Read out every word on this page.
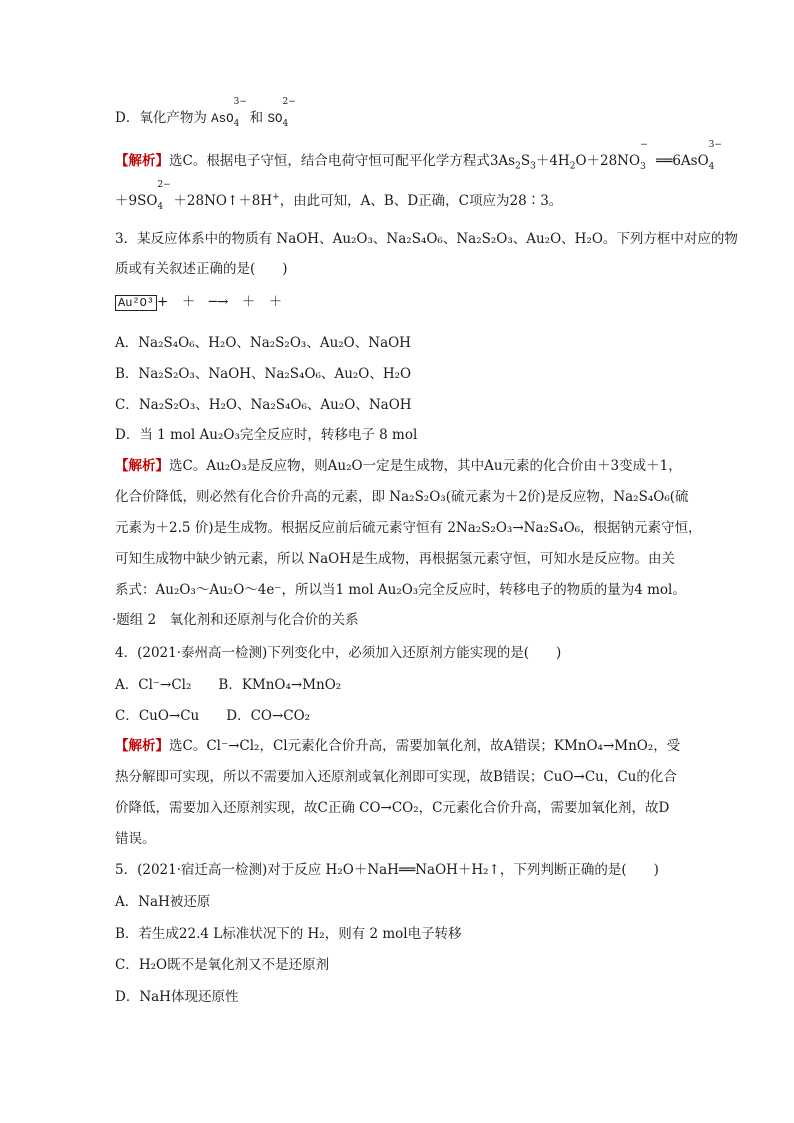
D．氧化产物为 AsO
3−
4 和 SO
2−
4
【解析】选C。根据电子守恒，结合电荷守恒可配平化学方程式$3As_2S_3+4H_2O+28NO$
−
3 ══6AsO
3−
4
＋9SO
2−
4 ＋28NO↑＋8H+，由此可知，A、B、D正确，C项应为28∶3。
3．某反应体系中的物质有 NaOH、Au₂O₃、Na₂S₄O₆、Na₂S₂O₃、Au₂O、H₂O。下列方框中对应的物
质或有关叙述正确的是(　　)
Au²O³ +　＋　─→　＋　＋
A．Na₂S₄O₆、H₂O、Na₂S₂O₃、Au₂O、NaOH
B．Na₂S₂O₃、NaOH、Na₂S₄O₆、Au₂O、H₂O
C．Na₂S₂O₃、H₂O、Na₂S₄O₆、Au₂O、NaOH
D．当 1 mol Au₂O₃完全反应时，转移电子 8 mol
【解析】选C。Au₂O₃是反应物，则Au₂O一定是生成物，其中Au元素的化合价由＋3变成＋1，
化合价降低，则必然有化合价升高的元素，即 Na₂S₂O₃(硫元素为＋2价)是反应物，Na₂S₄O₆(硫
元素为＋2.5 价)是生成物。根据反应前后硫元素守恒有 2Na₂S₂O₃→Na₂S₄O₆，根据钠元素守恒，
可知生成物中缺少钠元素，所以 NaOH是生成物，再根据氢元素守恒，可知水是反应物。由关
系式：Au₂O₃～Au₂O～4e⁻，所以当1 mol Au₂O₃完全反应时，转移电子的物质的量为4 mol。
·题组 2　氧化剂和还原剂与化合价的关系
4．(2021·泰州高一检测)下列变化中，必须加入还原剂方能实现的是(　　)
A．Cl⁻→Cl₂　　B．KMnO₄→MnO₂
C．CuO→Cu　　D．CO→CO₂
【解析】选C。Cl⁻→Cl₂，Cl元素化合价升高，需要加氧化剂，故A错误；KMnO₄→MnO₂，受
热分解即可实现，所以不需要加入还原剂或氧化剂即可实现，故B错误；CuO→Cu，Cu的化合
价降低，需要加入还原剂实现，故C正确 CO→CO₂，C元素化合价升高，需要加氧化剂，故D
错误。
5．(2021·宿迁高一检测)对于反应 H₂O＋NaH══NaOH＋H₂↑，下列判断正确的是(　　)
A．NaH被还原
B．若生成22.4 L标准状况下的 H₂，则有 2 mol电子转移
C．H₂O既不是氧化剂又不是还原剂
D．NaH体现还原性
